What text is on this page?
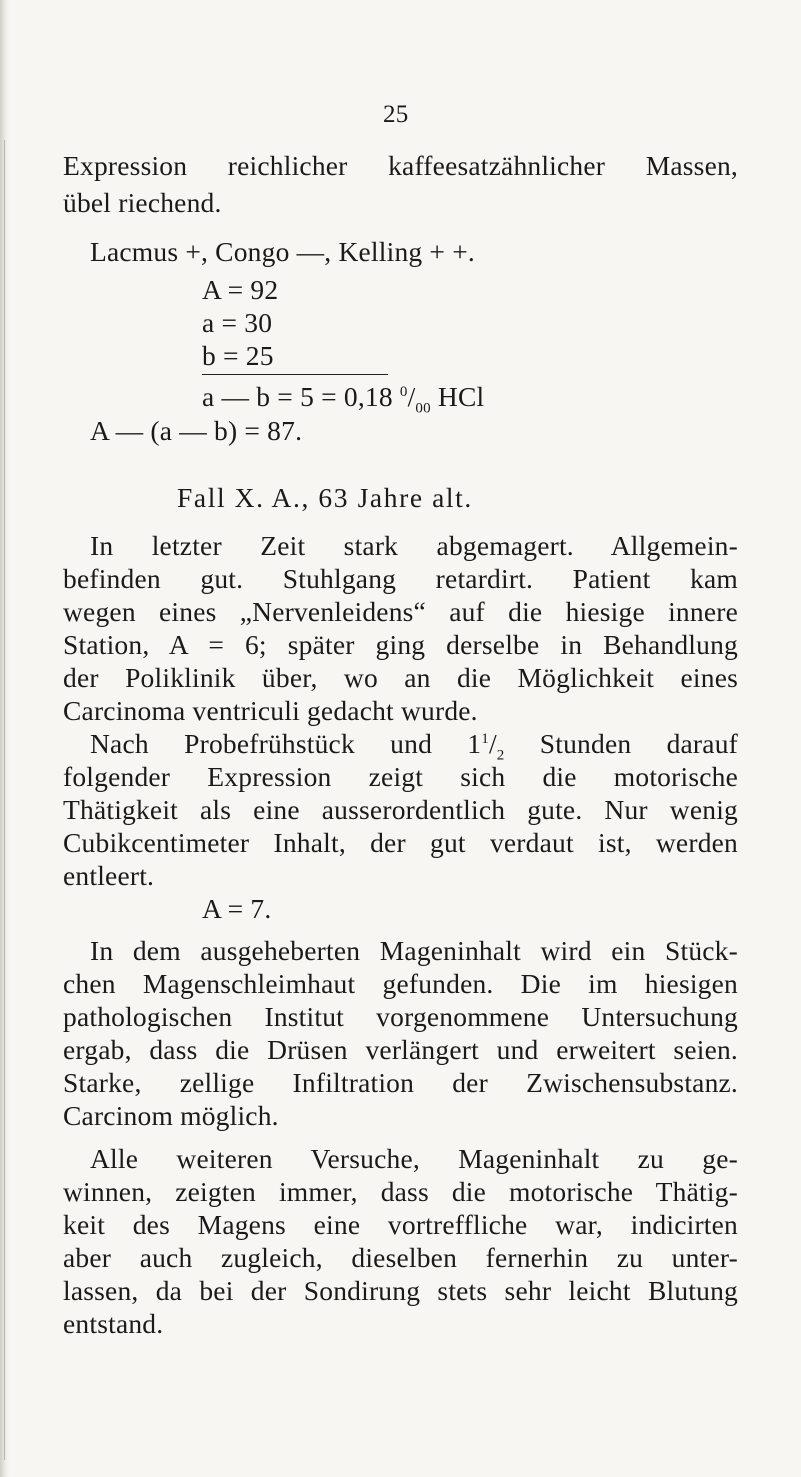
25
Expression reichlicher kaffeesatzähnlicher Massen,
übel riechend.
Lacmus +, Congo —, Kelling + +.
A = 92
a = 30
b = 25
a — b = 5 = 0,18 $^0/_{00}$ HCl
A — (a — b) = 87.
Fall X. A., 63 Jahre alt.
In letzter Zeit stark abgemagert. Allgemein-
befinden gut. Stuhlgang retardirt. Patient kam
wegen eines „Nervenleidens“ auf die hiesige innere
Station, A = 6; später ging derselbe in Behandlung
der Poliklinik über, wo an die Möglichkeit eines
Carcinoma ventriculi gedacht wurde.
Nach Probefrühstück und $1^1/_2$ Stunden darauf
folgender Expression zeigt sich die motorische
Thätigkeit als eine ausserordentlich gute. Nur wenig
Cubikcentimeter Inhalt, der gut verdaut ist, werden
entleert.
A = 7.
In dem ausgeheberten Mageninhalt wird ein Stück-
chen Magenschleimhaut gefunden. Die im hiesigen
pathologischen Institut vorgenommene Untersuchung
ergab, dass die Drüsen verlängert und erweitert seien.
Starke, zellige Infiltration der Zwischensubstanz.
Carcinom möglich.
Alle weiteren Versuche, Mageninhalt zu ge-
winnen, zeigten immer, dass die motorische Thätig-
keit des Magens eine vortreffliche war, indicirten
aber auch zugleich, dieselben fernerhin zu unter-
lassen, da bei der Sondirung stets sehr leicht Blutung
entstand.
